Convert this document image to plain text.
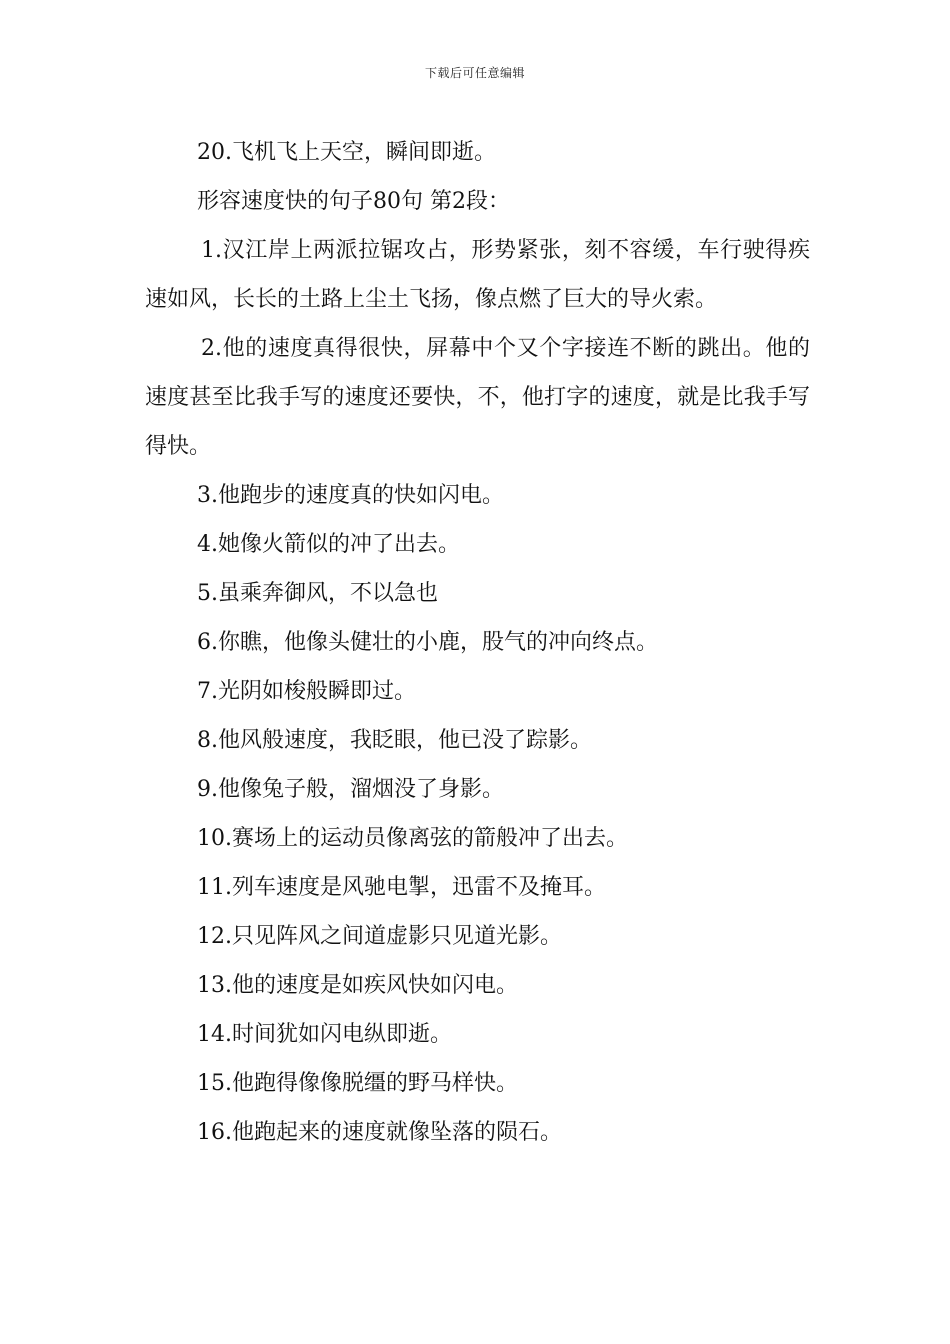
下载后可任意编辑

20.飞机飞上天空，瞬间即逝。

形容速度快的句子80句 第2段：

1.汉江岸上两派拉锯攻占，形势紧张，刻不容缓，车行驶得疾速如风，长长的土路上尘土飞扬，像点燃了巨大的导火索。

2.他的速度真得很快，屏幕中个又个字接连不断的跳出。他的速度甚至比我手写的速度还要快，不，他打字的速度，就是比我手写得快。

3.他跑步的速度真的快如闪电。

4.她像火箭似的冲了出去。

5.虽乘奔御风，不以急也

6.你瞧，他像头健壮的小鹿，股气的冲向终点。

7.光阴如梭般瞬即过。

8.他风般速度，我眨眼，他已没了踪影。

9.他像兔子般，溜烟没了身影。

10.赛场上的运动员像离弦的箭般冲了出去。

11.列车速度是风驰电掣，迅雷不及掩耳。

12.只见阵风之间道虚影只见道光影。

13.他的速度是如疾风快如闪电。

14.时间犹如闪电纵即逝。

15.他跑得像像脱缰的野马样快。

16.他跑起来的速度就像坠落的陨石。
